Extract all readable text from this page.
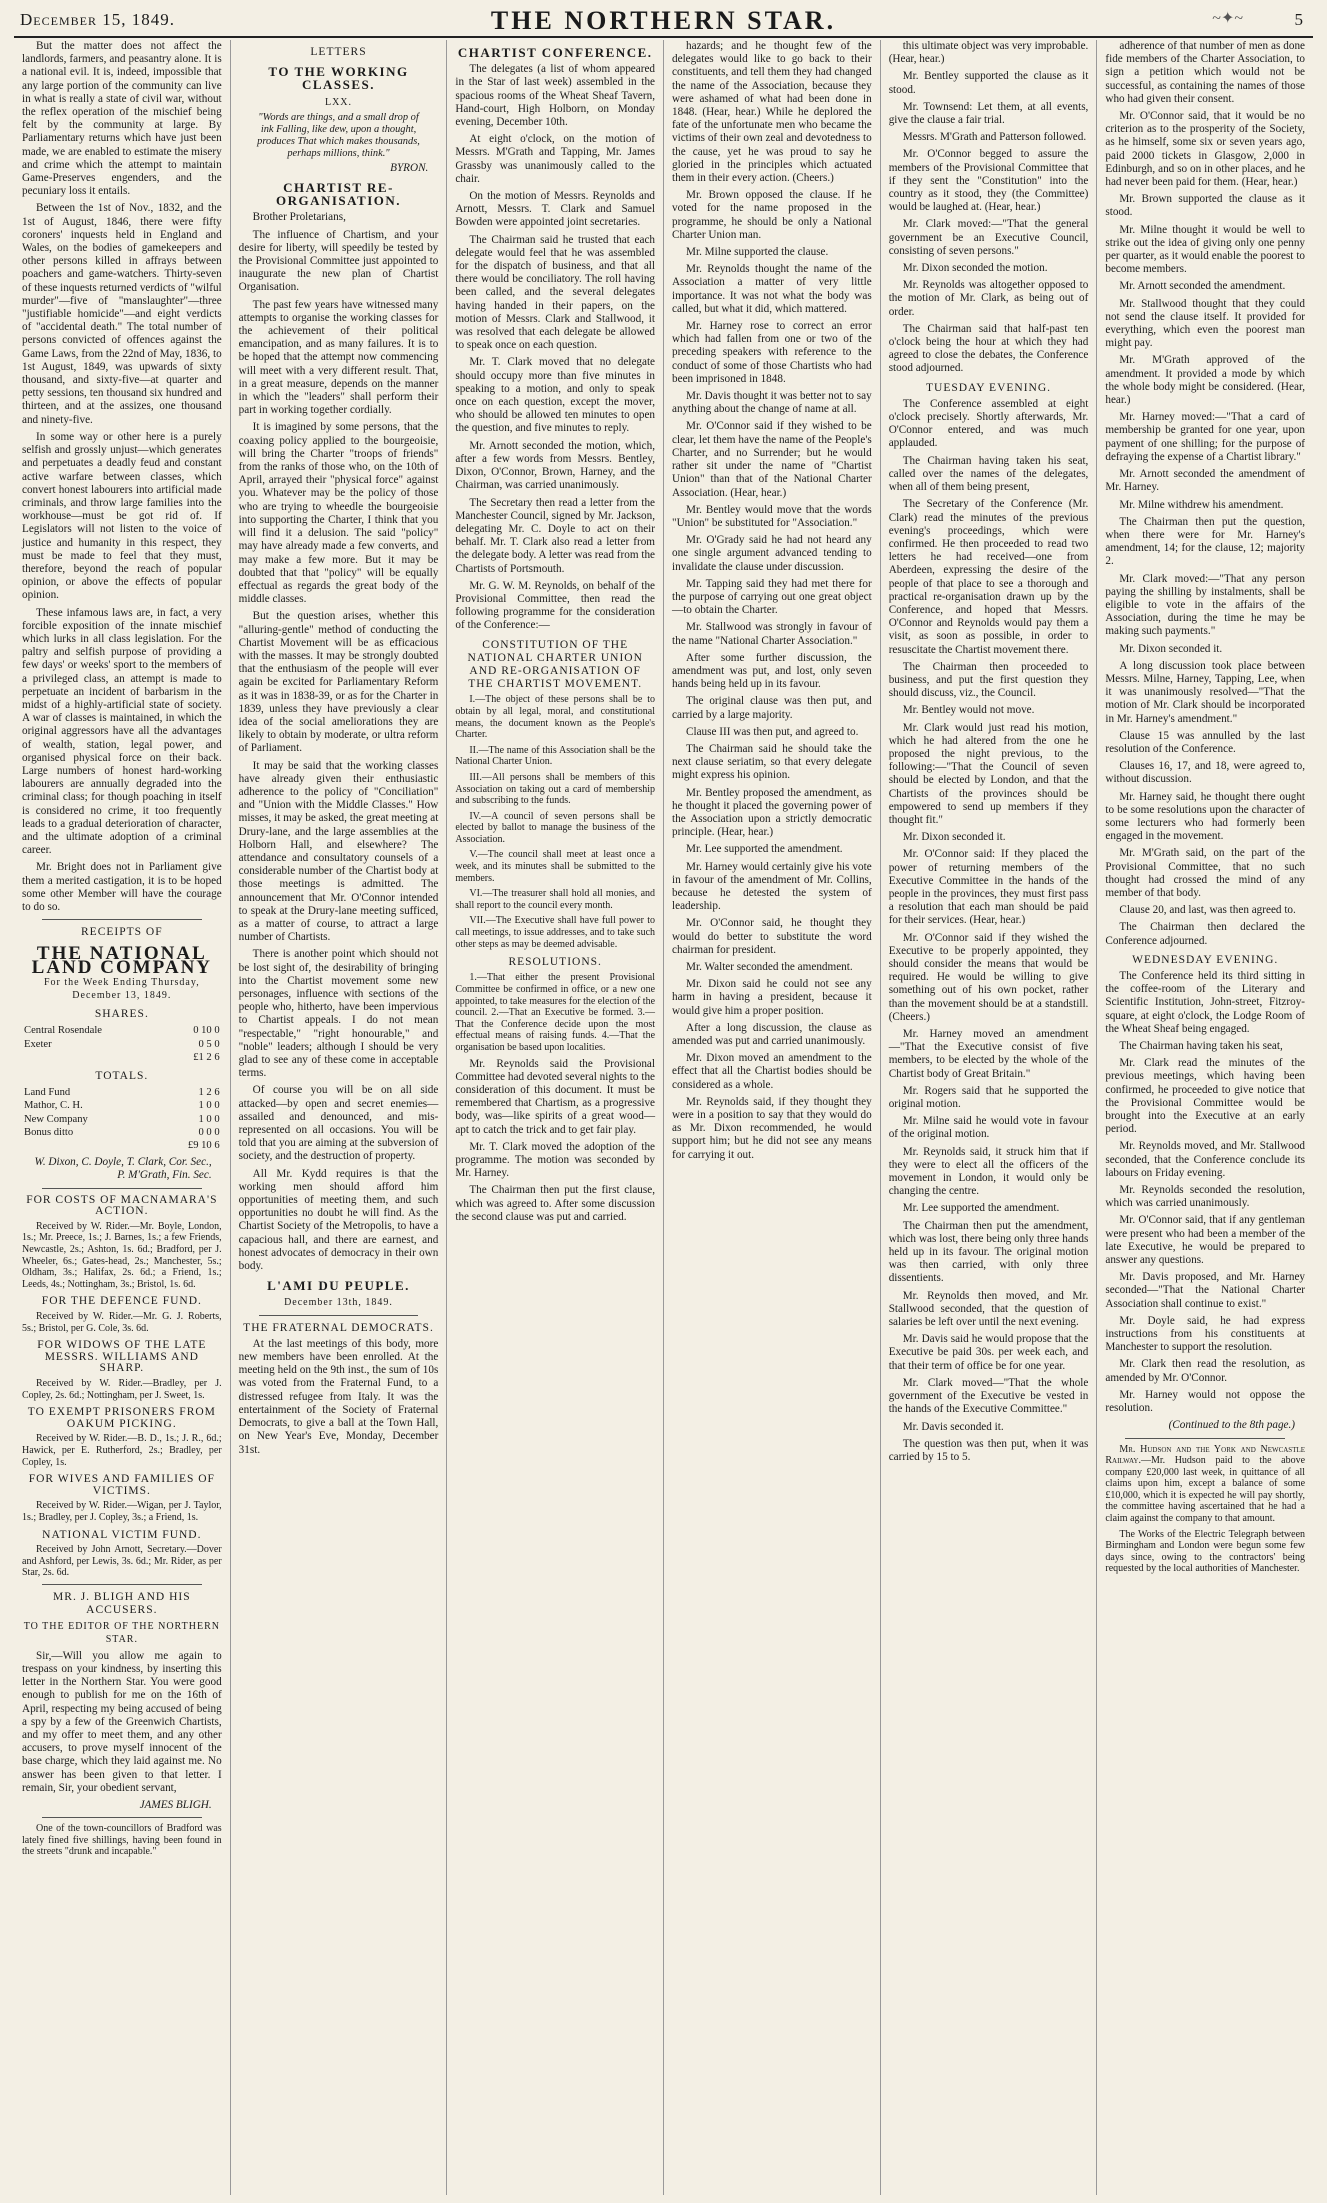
December 15, 1849.	THE NORTHERN STAR.	~✦~	5

But the matter does not affect the landlords, farmers, and peasantry alone. It is a national evil. It is, indeed, impossible that any large portion of the community can live in what is really a state of civil war, without the reflex operation of the mischief being felt by the community at large. By Parliamentary returns which have just been made, we are enabled to estimate the misery and crime which the attempt to maintain Game-Preserves engenders, and the pecuniary loss it entails.

Between the 1st of Nov., 1832, and the 1st of August, 1846, there were fifty coroners' inquests held in England and Wales, on the bodies of gamekeepers and other persons killed in affrays between poachers and game-watchers. Thirty-seven of these inquests returned verdicts of "wilful murder"—five of "manslaughter"—three "justifiable homicide"—and eight verdicts of "accidental death." The total number of persons convicted of offences against the Game Laws, from the 22nd of May, 1836, to 1st August, 1849, was upwards of sixty thousand, and sixty-five—at quarter and petty sessions, ten thousand six hundred and thirteen, and at the assizes, one thousand and ninety-five.

In some way or other here is a purely selfish and grossly unjust—which generates and perpetuates a deadly feud and constant active warfare between classes, which convert honest labourers into artificial made criminals, and throw large families into the workhouse—must be got rid of. If Legislators will not listen to the voice of justice and humanity in this respect, they must be made to feel that they must, therefore, beyond the reach of popular opinion, or above the effects of popular opinion.

These infamous laws are, in fact, a very forcible exposition of the innate mischief which lurks in all class legislation. For the paltry and selfish purpose of providing a few days' or weeks' sport to the members of a privileged class, an attempt is made to perpetuate an incident of barbarism in the midst of a highly-artificial state of society. A war of classes is maintained, in which the original aggressors have all the advantages of wealth, station, legal power, and organised physical force on their back. Large numbers of honest hard-working labourers are annually degraded into the criminal class; for though poaching in itself is considered no crime, it too frequently leads to a gradual deterioration of character, and the ultimate adoption of a criminal career.

Mr. Bright does not in Parliament give them a merited castigation, it is to be hoped some other Member will have the courage to do so.

RECEIPTS OF
THE NATIONAL LAND COMPANY
For the Week Ending Thursday, December 13, 1849.
SHARES.
Central Rosendale	0 10 0
Exeter	0 5 0
	£1 2 6
TOTALS.
Land Fund	1 2 6
Mathor, C. H.	1 0 0
New Company	1 0 0
Bonus ditto	0 0 0
	£9 10 6
W. Dixon, C. Doyle, T. Clark, Cor. Sec., P. M'Grath, Fin. Sec.
FOR COSTS OF MACNAMARA'S ACTION.

Received by W. Rider.—Mr. Boyle, London, 1s.; Mr. Preece, 1s.; J. Barnes, 1s.; a few Friends, Newcastle, 2s.; Ashton, 1s. 6d.; Bradford, per J. Wheeler, 6s.; Gates-head, 2s.; Manchester, 5s.; Oldham, 3s.; Halifax, 2s. 6d.; a Friend, 1s.; Leeds, 4s.; Nottingham, 3s.; Bristol, 1s. 6d.

FOR THE DEFENCE FUND.

Received by W. Rider.—Mr. G. J. Roberts, 5s.; Bristol, per G. Cole, 3s. 6d.

FOR WIDOWS OF THE LATE MESSRS. WILLIAMS AND SHARP.

Received by W. Rider.—Bradley, per J. Copley, 2s. 6d.; Nottingham, per J. Sweet, 1s.

TO EXEMPT PRISONERS FROM OAKUM PICKING.

Received by W. Rider.—B. D., 1s.; J. R., 6d.; Hawick, per E. Rutherford, 2s.; Bradley, per Copley, 1s.

FOR WIVES AND FAMILIES OF VICTIMS.

Received by W. Rider.—Wigan, per J. Taylor, 1s.; Bradley, per J. Copley, 3s.; a Friend, 1s.

NATIONAL VICTIM FUND.

Received by John Arnott, Secretary.—Dover and Ashford, per Lewis, 3s. 6d.; Mr. Rider, as per Star, 2s. 6d.

MR. J. BLIGH AND HIS ACCUSERS.
TO THE EDITOR OF THE NORTHERN STAR.

Sir,—Will you allow me again to trespass on your kindness, by inserting this letter in the Northern Star. You were good enough to publish for me on the 16th of April, respecting my being accused of being a spy by a few of the Greenwich Chartists, and my offer to meet them, and any other accusers, to prove myself innocent of the base charge, which they laid against me. No answer has been given to that letter. I remain, Sir, your obedient servant,

JAMES BLIGH.

One of the town-councillors of Bradford was lately fined five shillings, having been found in the streets "drunk and incapable."

LETTERS
TO THE WORKING CLASSES.
LXX.
"Words are things, and a small drop of ink Falling, like dew, upon a thought, produces That which makes thousands, perhaps millions, think."
BYRON.
CHARTIST RE-ORGANISATION.

Brother Proletarians,

The influence of Chartism, and your desire for liberty, will speedily be tested by the Provisional Committee just appointed to inaugurate the new plan of Chartist Organisation.

The past few years have witnessed many attempts to organise the working classes for the achievement of their political emancipation, and as many failures. It is to be hoped that the attempt now commencing will meet with a very different result. That, in a great measure, depends on the manner in which the "leaders" shall perform their part in working together cordially.

It is imagined by some persons, that the coaxing policy applied to the bourgeoisie, will bring the Charter "troops of friends" from the ranks of those who, on the 10th of April, arrayed their "physical force" against you. Whatever may be the policy of those who are trying to wheedle the bourgeoisie into supporting the Charter, I think that you will find it a delusion. The said "policy" may have already made a few converts, and may make a few more. But it may be doubted that that "policy" will be equally effectual as regards the great body of the middle classes.

But the question arises, whether this "alluring-gentle" method of conducting the Chartist Movement will be as efficacious with the masses. It may be strongly doubted that the enthusiasm of the people will ever again be excited for Parliamentary Reform as it was in 1838-39, or as for the Charter in 1839, unless they have previously a clear idea of the social ameliorations they are likely to obtain by moderate, or ultra reform of Parliament.

It may be said that the working classes have already given their enthusiastic adherence to the policy of "Conciliation" and "Union with the Middle Classes." How misses, it may be asked, the great meeting at Drury-lane, and the large assemblies at the Holborn Hall, and elsewhere? The attendance and consultatory counsels of a considerable number of the Chartist body at those meetings is admitted. The announcement that Mr. O'Connor intended to speak at the Drury-lane meeting sufficed, as a matter of course, to attract a large number of Chartists.

There is another point which should not be lost sight of, the desirability of bringing into the Chartist movement some new personages, influence with sections of the people who, hitherto, have been impervious to Chartist appeals. I do not mean "respectable," "right honourable," and "noble" leaders; although I should be very glad to see any of these come in acceptable terms.

Of course you will be on all side attacked—by open and secret enemies—assailed and denounced, and mis-represented on all occasions. You will be told that you are aiming at the subversion of society, and the destruction of property.

All Mr. Kydd requires is that the working men should afford him opportunities of meeting them, and such opportunities no doubt he will find. As the Chartist Society of the Metropolis, to have a capacious hall, and there are earnest, and honest advocates of democracy in their own body.

L'AMI DU PEUPLE.
December 13th, 1849.
THE FRATERNAL DEMOCRATS.

At the last meetings of this body, more new members have been enrolled. At the meeting held on the 9th inst., the sum of 10s was voted from the Fraternal Fund, to a distressed refugee from Italy. It was the entertainment of the Society of Fraternal Democrats, to give a ball at the Town Hall, on New Year's Eve, Monday, December 31st.

CHARTIST CONFERENCE.

The delegates (a list of whom appeared in the Star of last week) assembled in the spacious rooms of the Wheat Sheaf Tavern, Hand-court, High Holborn, on Monday evening, December 10th.

At eight o'clock, on the motion of Messrs. M'Grath and Tapping, Mr. James Grassby was unanimously called to the chair.

On the motion of Messrs. Reynolds and Arnott, Messrs. T. Clark and Samuel Bowden were appointed joint secretaries.

The Chairman said he trusted that each delegate would feel that he was assembled for the dispatch of business, and that all there would be conciliatory. The roll having been called, and the several delegates having handed in their papers, on the motion of Messrs. Clark and Stallwood, it was resolved that each delegate be allowed to speak once on each question.

Mr. T. Clark moved that no delegate should occupy more than five minutes in speaking to a motion, and only to speak once on each question, except the mover, who should be allowed ten minutes to open the question, and five minutes to reply.

Mr. Arnott seconded the motion, which, after a few words from Messrs. Bentley, Dixon, O'Connor, Brown, Harney, and the Chairman, was carried unanimously.

The Secretary then read a letter from the Manchester Council, signed by Mr. Jackson, delegating Mr. C. Doyle to act on their behalf. Mr. T. Clark also read a letter from the delegate body. A letter was read from the Chartists of Portsmouth.

Mr. G. W. M. Reynolds, on behalf of the Provisional Committee, then read the following programme for the consideration of the Conference:—

CONSTITUTION OF THE NATIONAL CHARTER UNION AND RE-ORGANISATION OF THE CHARTIST MOVEMENT.

I.—The object of these persons shall be to obtain by all legal, moral, and constitutional means, the document known as the People's Charter.

II.—The name of this Association shall be the National Charter Union.

III.—All persons shall be members of this Association on taking out a card of membership and subscribing to the funds.

IV.—A council of seven persons shall be elected by ballot to manage the business of the Association.

V.—The council shall meet at least once a week, and its minutes shall be submitted to the members.

VI.—The treasurer shall hold all monies, and shall report to the council every month.

VII.—The Executive shall have full power to call meetings, to issue addresses, and to take such other steps as may be deemed advisable.

RESOLUTIONS.

1.—That either the present Provisional Committee be confirmed in office, or a new one appointed, to take measures for the election of the council. 2.—That an Executive be formed. 3.—That the Conference decide upon the most effectual means of raising funds. 4.—That the organisation be based upon localities.

Mr. Reynolds said the Provisional Committee had devoted several nights to the consideration of this document. It must be remembered that Chartism, as a progressive body, was—like spirits of a great wood—apt to catch the trick and to get fair play.

Mr. T. Clark moved the adoption of the programme. The motion was seconded by Mr. Harney.

The Chairman then put the first clause, which was agreed to. After some discussion the second clause was put and carried.

hazards; and he thought few of the delegates would like to go back to their constituents, and tell them they had changed the name of the Association, because they were ashamed of what had been done in 1848. (Hear, hear.) While he deplored the fate of the unfortunate men who became the victims of their own zeal and devotedness to the cause, yet he was proud to say he gloried in the principles which actuated them in their every action. (Cheers.)

Mr. Brown opposed the clause. If he voted for the name proposed in the programme, he should be only a National Charter Union man.

Mr. Milne supported the clause.

Mr. Reynolds thought the name of the Association a matter of very little importance. It was not what the body was called, but what it did, which mattered.

Mr. Harney rose to correct an error which had fallen from one or two of the preceding speakers with reference to the conduct of some of those Chartists who had been imprisoned in 1848.

Mr. Davis thought it was better not to say anything about the change of name at all.

Mr. O'Connor said if they wished to be clear, let them have the name of the People's Charter, and no Surrender; but he would rather sit under the name of "Chartist Union" than that of the National Charter Association. (Hear, hear.)

Mr. Bentley would move that the words "Union" be substituted for "Association."

Mr. O'Grady said he had not heard any one single argument advanced tending to invalidate the clause under discussion.

Mr. Tapping said they had met there for the purpose of carrying out one great object—to obtain the Charter.

Mr. Stallwood was strongly in favour of the name "National Charter Association."

After some further discussion, the amendment was put, and lost, only seven hands being held up in its favour.

The original clause was then put, and carried by a large majority.

Clause III was then put, and agreed to.

The Chairman said he should take the next clause seriatim, so that every delegate might express his opinion.

Mr. Bentley proposed the amendment, as he thought it placed the governing power of the Association upon a strictly democratic principle. (Hear, hear.)

Mr. Lee supported the amendment.

Mr. Harney would certainly give his vote in favour of the amendment of Mr. Collins, because he detested the system of leadership.

Mr. O'Connor said, he thought they would do better to substitute the word chairman for president.

Mr. Walter seconded the amendment.

Mr. Dixon said he could not see any harm in having a president, because it would give him a proper position.

After a long discussion, the clause as amended was put and carried unanimously.

Mr. Dixon moved an amendment to the effect that all the Chartist bodies should be considered as a whole.

Mr. Reynolds said, if they thought they were in a position to say that they would do as Mr. Dixon recommended, he would support him; but he did not see any means for carrying it out.

this ultimate object was very improbable. (Hear, hear.)

Mr. Bentley supported the clause as it stood.

Mr. Townsend: Let them, at all events, give the clause a fair trial.

Messrs. M'Grath and Patterson followed.

Mr. O'Connor begged to assure the members of the Provisional Committee that if they sent the "Constitution" into the country as it stood, they (the Committee) would be laughed at. (Hear, hear.)

Mr. Clark moved:—"That the general government be an Executive Council, consisting of seven persons."

Mr. Dixon seconded the motion.

Mr. Reynolds was altogether opposed to the motion of Mr. Clark, as being out of order.

The Chairman said that half-past ten o'clock being the hour at which they had agreed to close the debates, the Conference stood adjourned.

TUESDAY EVENING.

The Conference assembled at eight o'clock precisely. Shortly afterwards, Mr. O'Connor entered, and was much applauded.

The Chairman having taken his seat, called over the names of the delegates, when all of them being present,

The Secretary of the Conference (Mr. Clark) read the minutes of the previous evening's proceedings, which were confirmed. He then proceeded to read two letters he had received—one from Aberdeen, expressing the desire of the people of that place to see a thorough and practical re-organisation drawn up by the Conference, and hoped that Messrs. O'Connor and Reynolds would pay them a visit, as soon as possible, in order to resuscitate the Chartist movement there.

The Chairman then proceeded to business, and put the first question they should discuss, viz., the Council.

Mr. Bentley would not move.

Mr. Clark would just read his motion, which he had altered from the one he proposed the night previous, to the following:—"That the Council of seven should be elected by London, and that the Chartists of the provinces should be empowered to send up members if they thought fit."

Mr. Dixon seconded it.

Mr. O'Connor said: If they placed the power of returning members of the Executive Committee in the hands of the people in the provinces, they must first pass a resolution that each man should be paid for their services. (Hear, hear.)

Mr. O'Connor said if they wished the Executive to be properly appointed, they should consider the means that would be required. He would be willing to give something out of his own pocket, rather than the movement should be at a standstill. (Cheers.)

Mr. Harney moved an amendment—"That the Executive consist of five members, to be elected by the whole of the Chartist body of Great Britain."

Mr. Rogers said that he supported the original motion.

Mr. Milne said he would vote in favour of the original motion.

Mr. Reynolds said, it struck him that if they were to elect all the officers of the movement in London, it would only be changing the centre.

Mr. Lee supported the amendment.

The Chairman then put the amendment, which was lost, there being only three hands held up in its favour. The original motion was then carried, with only three dissentients.

Mr. Reynolds then moved, and Mr. Stallwood seconded, that the question of salaries be left over until the next evening.

Mr. Davis said he would propose that the Executive be paid 30s. per week each, and that their term of office be for one year.

Mr. Clark moved—"That the whole government of the Executive be vested in the hands of the Executive Committee."

Mr. Davis seconded it.

The question was then put, when it was carried by 15 to 5.

adherence of that number of men as done fide members of the Charter Association, to sign a petition which would not be successful, as containing the names of those who had given their consent.

Mr. O'Connor said, that it would be no criterion as to the prosperity of the Society, as he himself, some six or seven years ago, paid 2000 tickets in Glasgow, 2,000 in Edinburgh, and so on in other places, and he had never been paid for them. (Hear, hear.)

Mr. Brown supported the clause as it stood.

Mr. Milne thought it would be well to strike out the idea of giving only one penny per quarter, as it would enable the poorest to become members.

Mr. Arnott seconded the amendment.

Mr. Stallwood thought that they could not send the clause itself. It provided for everything, which even the poorest man might pay.

Mr. M'Grath approved of the amendment. It provided a mode by which the whole body might be considered. (Hear, hear.)

Mr. Harney moved:—"That a card of membership be granted for one year, upon payment of one shilling; for the purpose of defraying the expense of a Chartist library."

Mr. Arnott seconded the amendment of Mr. Harney.

Mr. Milne withdrew his amendment.

The Chairman then put the question, when there were for Mr. Harney's amendment, 14; for the clause, 12; majority 2.

Mr. Clark moved:—"That any person paying the shilling by instalments, shall be eligible to vote in the affairs of the Association, during the time he may be making such payments."

Mr. Dixon seconded it.

A long discussion took place between Messrs. Milne, Harney, Tapping, Lee, when it was unanimously resolved—"That the motion of Mr. Clark should be incorporated in Mr. Harney's amendment."

Clause 15 was annulled by the last resolution of the Conference.

Clauses 16, 17, and 18, were agreed to, without discussion.

Mr. Harney said, he thought there ought to be some resolutions upon the character of some lecturers who had formerly been engaged in the movement.

Mr. M'Grath said, on the part of the Provisional Committee, that no such thought had crossed the mind of any member of that body.

Clause 20, and last, was then agreed to.

The Chairman then declared the Conference adjourned.

WEDNESDAY EVENING.

The Conference held its third sitting in the coffee-room of the Literary and Scientific Institution, John-street, Fitzroy-square, at eight o'clock, the Lodge Room of the Wheat Sheaf being engaged.

The Chairman having taken his seat,

Mr. Clark read the minutes of the previous meetings, which having been confirmed, he proceeded to give notice that the Provisional Committee would be brought into the Executive at an early period.

Mr. Reynolds moved, and Mr. Stallwood seconded, that the Conference conclude its labours on Friday evening.

Mr. Reynolds seconded the resolution, which was carried unanimously.

Mr. O'Connor said, that if any gentleman were present who had been a member of the late Executive, he would be prepared to answer any questions.

Mr. Davis proposed, and Mr. Harney seconded—"That the National Charter Association shall continue to exist."

Mr. Doyle said, he had express instructions from his constituents at Manchester to support the resolution.

Mr. Clark then read the resolution, as amended by Mr. O'Connor.

Mr. Harney would not oppose the resolution.

(Continued to the 8th page.)

Mr. Hudson and the York and Newcastle Railway.—Mr. Hudson paid to the above company £20,000 last week, in quittance of all claims upon him, except a balance of some £10,000, which it is expected he will pay shortly, the committee having ascertained that he had a claim against the company to that amount.

The Works of the Electric Telegraph between Birmingham and London were begun some few days since, owing to the contractors' being requested by the local authorities of Manchester.
